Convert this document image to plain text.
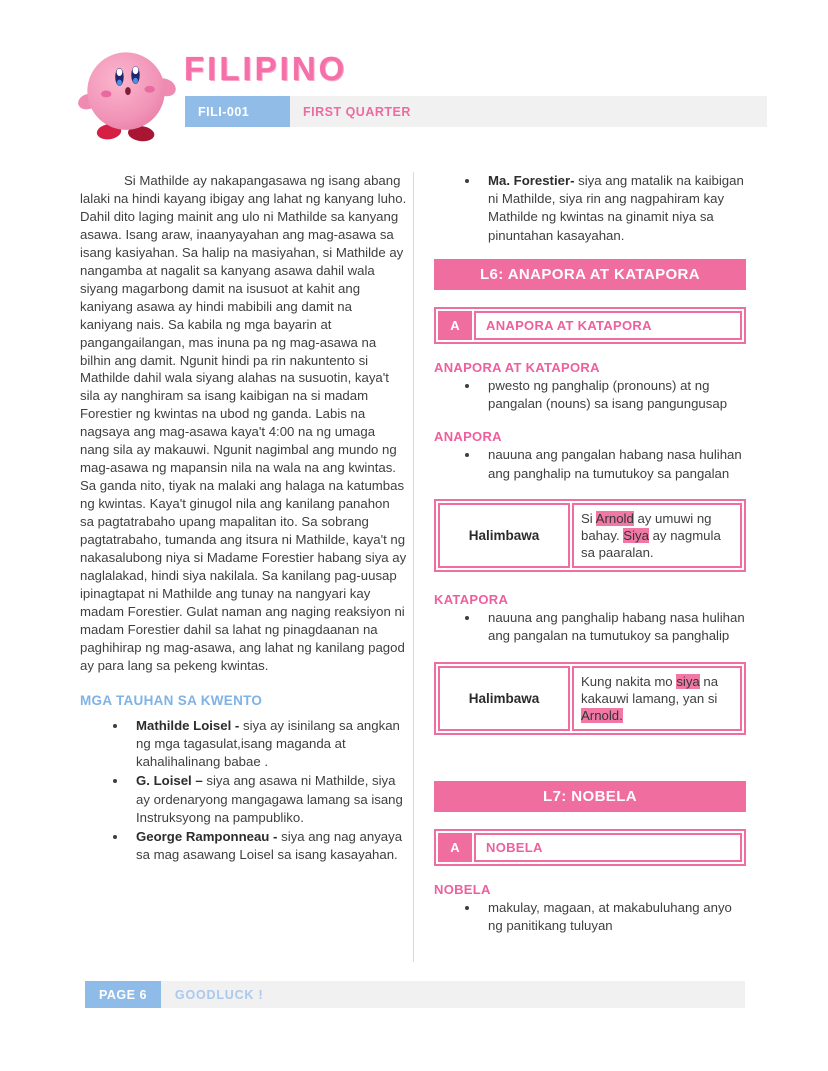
FILIPINO
FILI-001	FIRST QUARTER

Si Mathilde ay nakapangasawa ng isang abang lalaki na hindi kayang ibigay ang lahat ng kanyang luho. Dahil dito laging mainit ang ulo ni Mathilde sa kanyang asawa. Isang araw, inaanyayahan ang mag-asawa sa isang kasiyahan. Sa halip na masiyahan, si Mathilde ay nangamba at nagalit sa kanyang asawa dahil wala siyang magarbong damit na isusuot at kahit ang kaniyang asawa ay hindi mabibili ang damit na kaniyang nais. Sa kabila ng mga bayarin at pangangailangan, mas inuna pa ng mag-asawa na bilhin ang damit. Ngunit hindi pa rin nakuntento si Mathilde dahil wala siyang alahas na susuotin, kaya't sila ay nanghiram sa isang kaibigan na si madam Forestier ng kwintas na ubod ng ganda. Labis na nagsaya ang mag-asawa kaya't 4:00 na ng umaga nang sila ay makauwi. Ngunit nagimbal ang mundo ng mag-asawa ng mapansin nila na wala na ang kwintas. Sa ganda nito, tiyak na malaki ang halaga na katumbas ng kwintas. Kaya't ginugol nila ang kanilang panahon sa pagtatrabaho upang mapalitan ito. Sa sobrang pagtatrabaho, tumanda ang itsura ni Mathilde, kaya't ng nakasalubong niya si Madame Forestier habang siya ay naglalakad, hindi siya nakilala. Sa kanilang pag-uusap ipinagtapat ni Mathilde ang tunay na nangyari kay madam Forestier. Gulat naman ang naging reaksiyon ni madam Forestier dahil sa lahat ng pinagdaanan na paghihirap ng mag-asawa, ang lahat ng kanilang pagod ay para lang sa pekeng kwintas.

MGA TAUHAN SA KWENTO
• Mathilde Loisel - siya ay isinilang sa angkan ng mga tagasulat,isang maganda at kahalihalinang babae .
• G. Loisel – siya ang asawa ni Mathilde, siya ay ordenaryong mangagawa lamang sa isang Instruksyong na pampubliko.
• George Ramponneau - siya ang nag anyaya sa mag asawang Loisel sa isang kasayahan.
• Ma. Forestier- siya ang matalik na kaibigan ni Mathilde, siya rin ang nagpahiram kay Mathilde ng kwintas na ginamit niya sa pinuntahan kasayahan.
L6: ANAPORA AT KATAPORA
A	ANAPORA AT KATAPORA
ANAPORA AT KATAPORA
• pwesto ng panghalip (pronouns) at ng pangalan (nouns) sa isang pangungusap
ANAPORA
• nauuna ang pangalan habang nasa hulihan ang panghalip na tumutukoy sa pangalan
Halimbawa
Si Arnold ay umuwi ng bahay. Siya ay nagmula sa paaralan.
KATAPORA
• nauuna ang panghalip habang nasa hulihan ang pangalan na tumutukoy sa panghalip
Halimbawa
Kung nakita mo siya na kakauwi lamang, yan si Arnold.
L7: NOBELA
A	NOBELA
NOBELA
• makulay, magaan, at makabuluhang anyo ng panitikang tuluyan
PAGE 6	GOODLUCK !
